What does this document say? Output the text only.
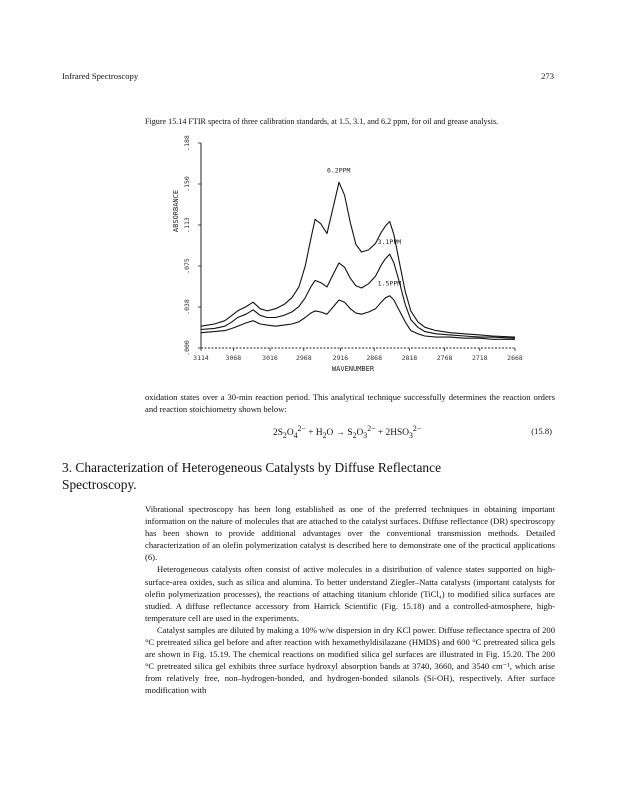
Infrared Spectroscopy	273
Figure 15.14 FTIR spectra of three calibration standards, at 1.5, 3.1, and 6.2 ppm, for oil and grease analysis.
.000
.038
.075
.113
.150
.188
3114	3068	3016	2968	2916	2868	2818	2768	2718	2668
1.5PPM
3.1PPM
6.2PPM
ABSORBANCE
WAVENUMBER

oxidation states over a 30-min reaction period. This analytical technique successfully determines the reaction orders and reaction stoichiometry shown below:

$2S_2O_4^{2-} + H_2O \to S_2O_3^{2-} + 2HSO_3^{2-}$	(15.8)
3. Characterization of Heterogeneous Catalysts by Diffuse Reflectance Spectroscopy.

Vibrational spectroscopy has been long established as one of the preferred techniques in obtaining important information on the nature of molecules that are attached to the catalyst surfaces. Diffuse reflectance (DR) spectroscopy has been shown to provide additional advantages over the conventional transmission methods. Detailed characterization of an olefin polymerization catalyst is described here to demonstrate one of the practical applications (6).

Heterogeneous catalysts often consist of active molecules in a distribution of valence states supported on high-surface-area oxides, such as silica and alumina. To better understand Ziegler–Natta catalysts (important catalysts for olefin polymerization processes), the reactions of attaching titanium chloride (TiCl₄) to modified silica surfaces are studied. A diffuse reflectance accessory from Harrick Scientific (Fig. 15.18) and a controlled-atmosphere, high-temperature cell are used in the experiments.

Catalyst samples are diluted by making a 10% w/w dispersion in dry KCl power. Diffuse reflectance spectra of 200 °C pretreated silica gel before and after reaction with hexamethyldisilazane (HMDS) and 600 °C pretreated silica gels are shown in Fig. 15.19. The chemical reactions on modified silica gel surfaces are illustrated in Fig. 15.20. The 200 °C pretreated silica gel exhibits three surface hydroxyl absorption bands at 3740, 3660, and 3540 cm⁻¹, which arise from relatively free, non–hydrogen-bonded, and hydrogen-bonded silanols (Si-OH), respectively. After surface modification with
